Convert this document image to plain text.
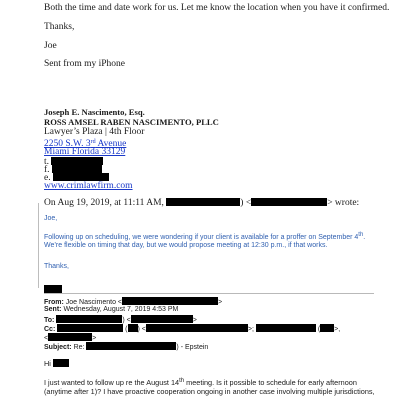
Both the time and date work for us. Let me know the location when you have it confirmed.
Thanks,
Joe
Sent from my iPhone
Joseph E. Nascimento, Esq.
ROSS AMSEL RABEN NASCIMENTO, PLLC
Lawyer’s Plaza | 4th Floor
2250 S.W. 3rd Avenue
Miami Florida 33129
t.
f.
e.
www.crimlawfirm.com
On Aug 19, 2019, at 11:11 AM,	) <	> wrote:
Joe,
Following up on scheduling, we were wondering if your client is available for a proffer on September 4th.
We’re flexible on timing that day, but we would propose meeting at 12:30 p.m., if that works.
Thanks,
From: Joe Nascimento <	>
Sent: Wednesday, August 7, 2019 4:53 PM
To:	) <	>
Cc:	( ) <	>;	( >,
<	>
Subject: Re:	) - Epstein
Hi
I just wanted to follow up re the August 14th meeting. Is it possible to schedule for early afternoon
(anytime after 1)? I have proactive cooperation ongoing in another case involving multiple jurisdictions,
